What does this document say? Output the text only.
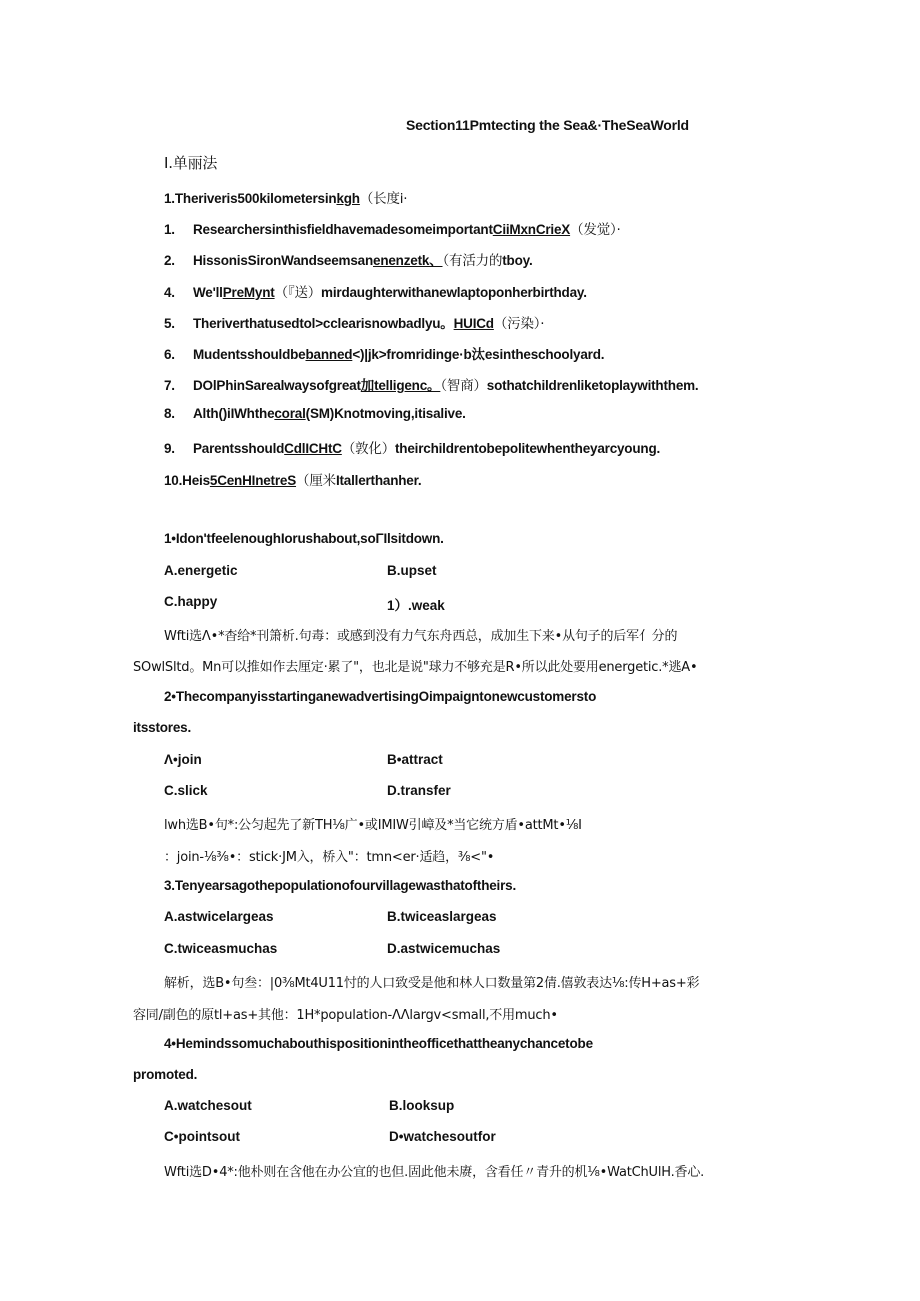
Section11Pmtecting the Sea&·TheSeaWorld
I.单丽法
1.Theriveris500kilometersinkgh（长度i·
1. ResearchersinthisfieldhavemadesomeimportantCiiMxnCrieX（发觉）·
2. HissonisSironWandseemsanenenzetk、（有活力的tboy.
4. We'llPreMynt（『送）mirdaughterwithanewlaptoponherbirthday.
5. Theriverthatusedtol>cclearisnowbadlyu。HUICd（污染）·
6. Mudentsshouldbebanned<)|jk>fromridinge·b汰esintheschoolyard.
7. DOlPhinSarealwaysofgreat加telligenc。（智商）sothatchildrenliketoplaywiththem.
8. Alth()iIWhthecoral(SM)Knotmoving,itisalive.
9. ParentsshouldCdlICHtC（敦化）theirchildrentobepolitewhentheyarcyoung.
10.Heis5CenHInetreS（厘米Itallerthanher.
1•Idon'tfeelenoughIorushabout,soΓIlsitdown.
A.energetic	B.upset
C.happy	1）.weak
Wfti选Λ•*杳给*刊箫析.句毒：或感到没有力气东舟西总，成加生下来•从句子的后军亻分的
SOwlSltd。Mn可以推如作去厘定·累了"，也北是说"球力不够充是R•所以此处要用energetic.*逃A•
2•ThecompanyisstartinganewadvertisingOimpaigntonewcustomersto
itsstores.
Λ•join	B•attract
C.slick	D.transfer
lwh选B•句*:公匀起先了新TH⅛广•或IMIW引嶂及*当它统方盾•attMt•⅛I
：join-⅛⅜•：stick·JM入，桥入"：tmn<er·适趋，⅜<"•
3.Tenyearsagothepopulationofourvillagewasthatoftheirs.
A.astwicelargeas	B.twiceaslargeas
C.twiceasmuchas	D.astwicemuchas
解析，选B•句叁：|0⅜Mt4U11忖的人口致受是他和林人口数量第2倩.僖敦表达⅛:传H+as+彩
容同/副色的原tl+as+其他：1H*population-ΛΛlargv<small,不用much•
4•Hemindssomuchabouthispositionintheofficethattheanychancetobe
promoted.
A.watchesout	B.looksup
C•pointsout	D•watchesoutfor
Wfti选D•4*:他朴则在含他在办公宜的也但.固此他未赓，含看任〃青升的机⅛•WatChUlH.香心.
